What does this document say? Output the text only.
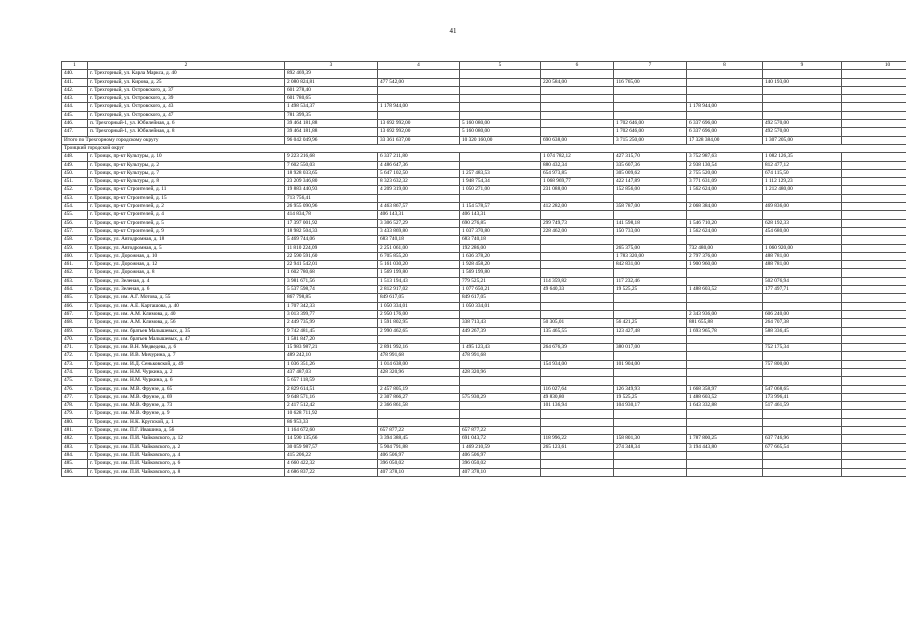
41
1	2	3	4	5	6	7	8	9	10
440.	г. Трехгорный, ул. Карла Маркса, д. 40	892 469,39							
441.	г. Трехгорный, ул. Кирова, д. 25	2 080 824,81	477 542,00		220 584,00	116 765,00		140 193,00	
442.	г. Трехгорный, ул. Островского, д. 37	601 278,40							
443.	г. Трехгорный, ул. Островского, д. 39	601 780,65							
444.	г. Трехгорный, ул. Островского, д. 43	1 498 534,37	1 178 944,00				1 178 944,00		
445.	г. Трехгорный, ул. Островского, д. 47	781 399,35							
446.	п. Трехгорный-1, ул. Юбилейная, д. 6	39 464 181,88	13 692 992,00	5 160 080,00		1 702 646,00	6 337 696,00	492 570,00	
447.	п. Трехгорный-1, ул. Юбилейная, д. 8	39 464 181,88	13 692 992,00	5 160 080,00		1 702 646,00	6 337 696,00	492 570,00	
Итого по Трехгорному городскому округу		96 042 049,96	33 361 637,00	10 320 160,00	690 638,00	3 715 250,00	17 328 384,00	1 307 205,00	
Троицкий городской округ									
448.	г. Троицк, пр-кт Культуры, д. 10	9 223 216,68	6 337 211,80		1 074 782,12	427 315,70	3 752 987,63	1 082 126,35	
449.	г. Троицк, пр-кт Культуры, д. 2	7 602 550,03	4 486 647,36		880 432,34	335 607,36	2 938 130,54	812 477,12	
450.	г. Троицк, пр-кт Культуры, д. 7	18 928 033,65	5 647 102,50	1 257 483,53	654 973,85	305 009,62	2 755 520,00	674 115,50	
451.	г. Троицк, пр-кт Культуры, д. 8	23 209 346,80	8 323 632,32	1 948 754,34	1 068 969,77	422 147,89	3 771 631,09	1 112 129,23	
452.	г. Троицк, пр-кт Строителей, д. 11	19 883 440,93	4 209 319,00	1 050 271,00	231 088,00	152 856,00	1 562 624,00	1 212 480,00	
453.	г. Троицк, пр-кт Строителей, д. 15	713 756,41							
454.	г. Троицк, пр-кт Строителей, д. 2	26 955 090,96	4 463 867,57	1 154 578,57	412 282,00	358 787,00	2 068 384,00	469 836,00	
455.	г. Троицк, пр-кт Строителей, д. 4	414 834,78	406 143,31	406 143,31					
456.	г. Троицк, пр-кт Строителей, д. 5	17 397 001,92	3 306 527,29	690 276,85	299 749,73	141 598,18	1 546 710,20	628 192,33	
457.	г. Троицк, пр-кт Строителей, д. 9	18 982 504,33	3 433 869,80	1 037 370,80	228 462,00	150 733,00	1 562 624,00	454 680,00	
458.	г. Троицк, ул. Автодромная, д. 18	5 469 744,06	683 740,18	683 740,18					
459.	г. Троицк, ул. Автодромная, д. 5	11 810 224,09	2 251 061,00	192 286,00		265 375,00	732 480,00	1 060 920,00	
460.	г. Троицк, ул. Дорожная, д. 10	22 590 591,60	6 705 855,20	1 636 378,20		1 783 320,00	2 797 376,00	488 781,00	
461.	г. Троицк, ул. Дорожная, д. 12	22 941 542,01	5 161 030,20	1 928 458,20		842 831,00	1 900 960,00	488 781,00	
462.	г. Троицк, ул. Дорожная, д. 8	1 602 780,68	1 569 199,80	1 569 199,80					
463.	г. Троицк, ул. Зеленая, д. 4	3 981 671,56	1 513 194,43	779 525,21	114 359,82	117 232,46		502 076,94	
464.	г. Троицк, ул. Зеленая, д. 6	5 537 598,74	2 812 917,02	1 077 650,21	49 640,33	19 525,25	1 488 603,52	177 497,71	
465.	г. Троицк, ул. им. А.Г. Мотова, д. 55	867 798,85	849 617,05	849 617,05					
466.	г. Троицк, ул. им. А.Е. Карташова, д. 40	1 707 342,33	1 050 334,01	1 050 334,01					
467.	г. Троицк, ул. им. А.М. Климова, д. 40	3 013 399,77	2 950 176,00				2 343 936,00	606 240,00	
468.	г. Троицк, ул. им. А.М. Климова, д. 56	2 449 735,99	1 591 802,95	338 713,43	50 305,01	56 421,25	881 655,88	264 707,38	
469.	г. Троицк, ул. им. братьев Малышевых, д. 35	9 742 481,45	2 990 462,65	449 267,39	135 465,55	123 427,48	1 693 965,78	588 336,45	
470.	г. Троицк, ул. им. братьев Малышевых, д. 47	1 581 847,20							
471.	г. Троицк, ул. им. В.Н. Медведева, д. 6	15 983 987,21	2 891 992,16	1 495 123,43	264 676,39	380 017,00		752 175,34	
472.	г. Троицк, ул. им. И.В. Мичурина, д. 7	489 242,10	478 991,68	478 991,68					
473.	г. Троицк, ул. им. И.Д. Сеньковской, д. 49	1 036 351,26	1 014 638,00		154 934,00	101 904,00		757 800,00	
474.	г. Троицк, ул. им. Н.М. Чуркина, д. 2	437 487,03	428 320,96	428 320,96					
475.	г. Троицк, ул. им. Н.М. Чуркина, д. 6	5 657 118,59							
476.	г. Троицк, ул. им. М.В. Фрунзе, д. 65	2 829 614,51	2 457 805,19		116 027,64	126 349,93	1 668 358,97	547 068,65	
477.	г. Троицк, ул. им. М.В. Фрунзе, д. 69	9 648 571,16	2 307 866,27	575 930,29	49 830,80	19 525,25	1 488 603,52	173 996,41	
478.	г. Троицк, ул. им. М.В. Фрунзе, д. 73	2 417 512,42	2 366 861,58		101 136,94	104 930,17	1 643 332,88	517 461,59	
479.	г. Троицк, ул. им. М.В. Фрунзе, д. 9	10 628 711,92							
480.	г. Троицк, ул. им. Н.К. Крупской, д. 1	86 953,33							
481.	г. Троицк, ул. им. П.Г. Ивашина, д. 56	1 164 672,60	657 877,22	657 877,22					
482.	г. Троицк, ул. им. П.И. Чайковского, д. 12	14 590 135,66	3 394 388,45	691 043,72	118 996,22	158 801,30	1 787 800,25	637 746,96	
483.	г. Троицк, ул. им. П.И. Чайковского, д. 2	30 059 987,57	5 904 791,88	1 469 210,59	265 123,61	274 348,34	3 194 443,80	677 665,54	
484.	г. Троицк, ул. им. П.И. Чайковского, д. 4	415 206,22	406 506,97	406 506,97					
485.	г. Троицк, ул. им. П.И. Чайковского, д. 6	4 660 422,32	396 050,02	396 050,02					
486.	г. Троицк, ул. им. П.И. Чайковского, д. 8	4 686 837,22	407 378,10	407 378,10					
